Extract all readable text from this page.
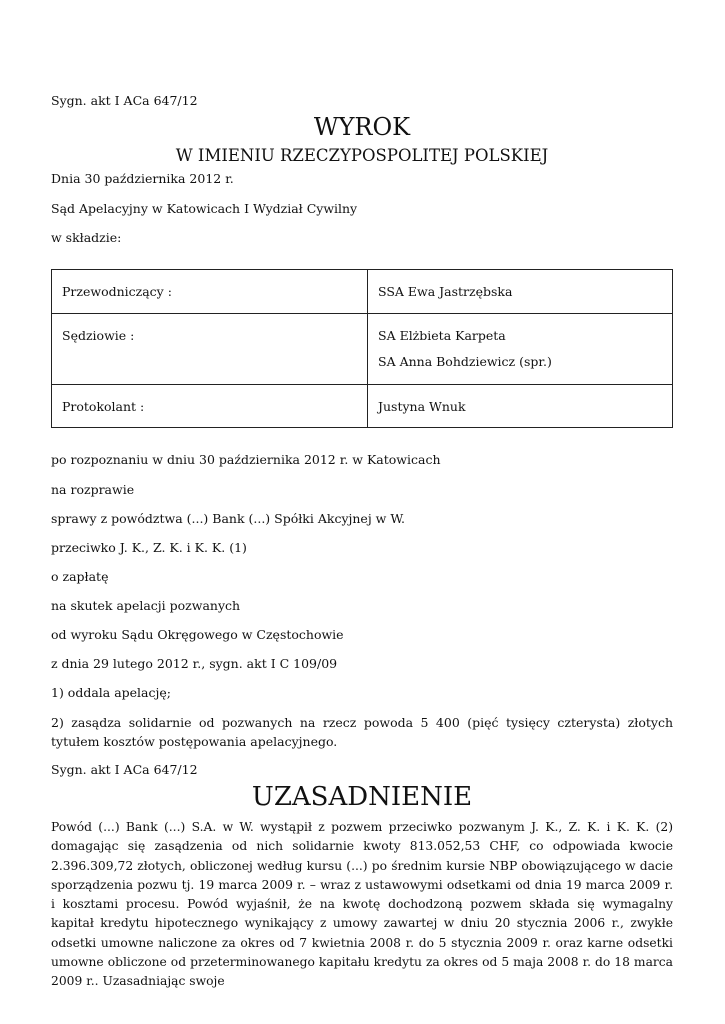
Sygn. akt I ACa 647/12
WYROK
W IMIENIU RZECZYPOSPOLITEJ POLSKIEJ
Dnia 30 października 2012 r.
Sąd Apelacyjny w Katowicach I Wydział Cywilny
w składzie:
Przewodniczący :	SSA Ewa Jastrzębska

Sędziowie :	SA Elżbieta Karpeta
SA Anna Bohdziewicz (spr.)

Protokolant :	Justyna Wnuk
po rozpoznaniu w dniu 30 października 2012 r. w Katowicach
na rozprawie
sprawy z powództwa (...) Bank (...) Spółki Akcyjnej w W.
przeciwko J. K., Z. K. i K. K. (1)
o zapłatę
na skutek apelacji pozwanych
od wyroku Sądu Okręgowego w Częstochowie
z dnia 29 lutego 2012 r., sygn. akt I C 109/09
1) oddala apelację;
2) zasądza solidarnie od pozwanych na rzecz powoda 5 400 (pięć tysięcy czterysta) złotych tytułem kosztów postępowania apelacyjnego.
Sygn. akt I ACa 647/12
UZASADNIENIE
Powód (...) Bank (...) S.A. w W. wystąpił z pozwem przeciwko pozwanym J. K., Z. K. i K. K. (2) domagając się zasądzenia od nich solidarnie kwoty 813.052,53 CHF, co odpowiada kwocie 2.396.309,72 złotych, obliczonej według kursu (...) po średnim kursie NBP obowiązującego w dacie sporządzenia pozwu tj. 19 marca 2009 r. – wraz z ustawowymi odsetkami od dnia 19 marca 2009 r. i kosztami procesu. Powód wyjaśnił, że na kwotę dochodzoną pozwem składa się wymagalny kapitał kredytu hipotecznego wynikający z umowy zawartej w dniu 20 stycznia 2006 r., zwykłe odsetki umowne naliczone za okres od 7 kwietnia 2008 r. do 5 stycznia 2009 r. oraz karne odsetki umowne obliczone od przeterminowanego kapitału kredytu za okres od 5 maja 2008 r. do 18 marca 2009 r.. Uzasadniając swoje
